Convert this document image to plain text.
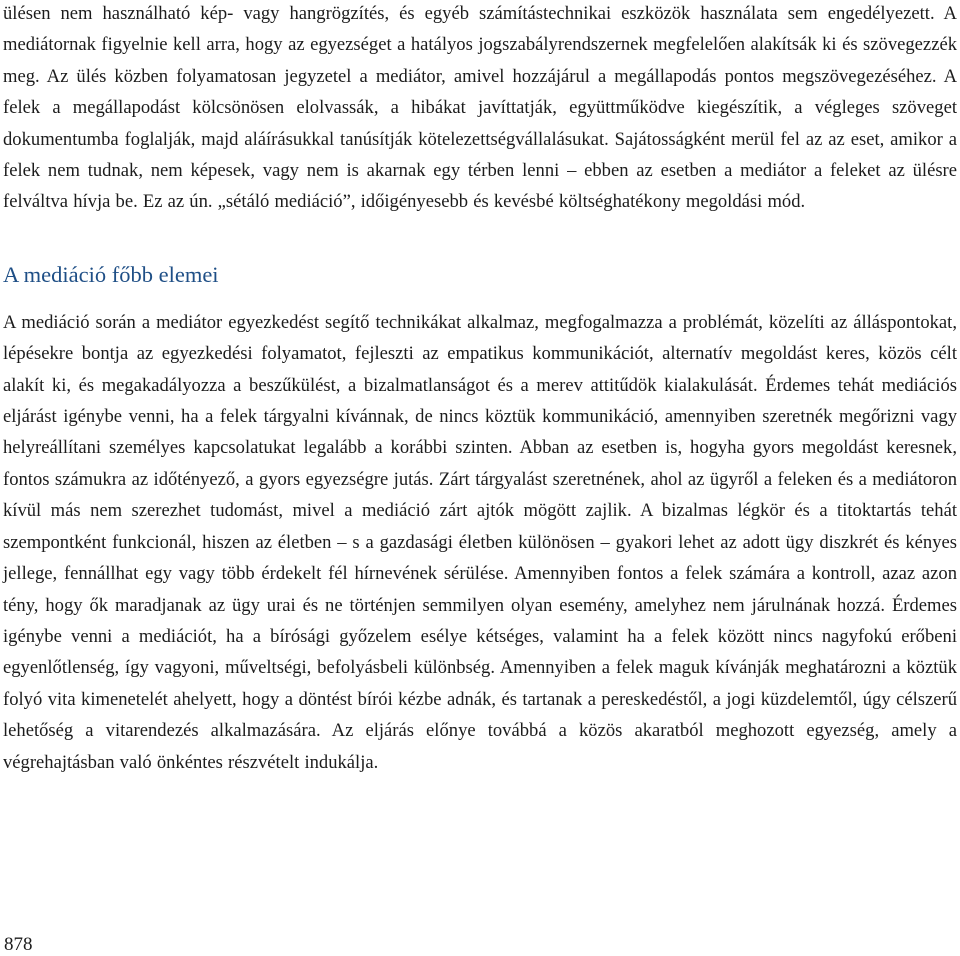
ülésen nem használható kép- vagy hangrögzítés, és egyéb számítástechnikai eszközök használata sem engedélyezett. A mediátornak figyelnie kell arra, hogy az egyezséget a hatályos jogszabályrendszernek megfelelően alakítsák ki és szövegezzék meg. Az ülés közben folyamatosan jegyzetel a mediátor, amivel hozzájárul a megállapodás pontos megszövegezéséhez. A felek a megállapodást kölcsönösen elolvassák, a hibákat javíttatják, együttműködve kiegészítik, a végleges szöveget dokumentumba foglalják, majd aláírásukkal tanúsítják kötelezettségvállalásukat. Sajátosságként merül fel az az eset, amikor a felek nem tudnak, nem képesek, vagy nem is akarnak egy térben lenni – ebben az esetben a mediátor a feleket az ülésre felváltva hívja be. Ez az ún. „sétáló mediáció”, időigényesebb és kevésbé költséghatékony megoldási mód.

A mediáció főbb elemei

A mediáció során a mediátor egyezkedést segítő technikákat alkalmaz, megfogalmazza a problémát, közelíti az álláspontokat, lépésekre bontja az egyezkedési folyamatot, fejleszti az empatikus kommunikációt, alternatív megoldást keres, közös célt alakít ki, és megakadályozza a beszűkülést, a bizalmatlanságot és a merev attitűdök kialakulását. Érdemes tehát mediációs eljárást igénybe venni, ha a felek tárgyalni kívánnak, de nincs köztük kommunikáció, amennyiben szeretnék megőrizni vagy helyreállítani személyes kapcsolatukat legalább a korábbi szinten. Abban az esetben is, hogyha gyors megoldást keresnek, fontos számukra az időtényező, a gyors egyezségre jutás. Zárt tárgyalást szeretnének, ahol az ügyről a feleken és a mediátoron kívül más nem szerezhet tudomást, mivel a mediáció zárt ajtók mögött zajlik. A bizalmas légkör és a titoktartás tehát szempontként funkcionál, hiszen az életben – s a gazdasági életben különösen – gyakori lehet az adott ügy diszkrét és kényes jellege, fennállhat egy vagy több érdekelt fél hírnevének sérülése. Amennyiben fontos a felek számára a kontroll, azaz azon tény, hogy ők maradjanak az ügy urai és ne történjen semmilyen olyan esemény, amelyhez nem járulnának hozzá. Érdemes igénybe venni a mediációt, ha a bírósági győzelem esélye kétséges, valamint ha a felek között nincs nagyfokú erőbeni egyenlőtlenség, így vagyoni, műveltségi, befolyásbeli különbség. Amennyiben a felek maguk kívánják meghatározni a köztük folyó vita kimenetelét ahelyett, hogy a döntést bírói kézbe adnák, és tartanak a pereskedéstől, a jogi küzdelemtől, úgy célszerű lehetőség a vitarendezés alkalmazására. Az eljárás előnye továbbá a közös akaratból meghozott egyezség, amely a végrehajtásban való önkéntes részvételt indukálja.

878
